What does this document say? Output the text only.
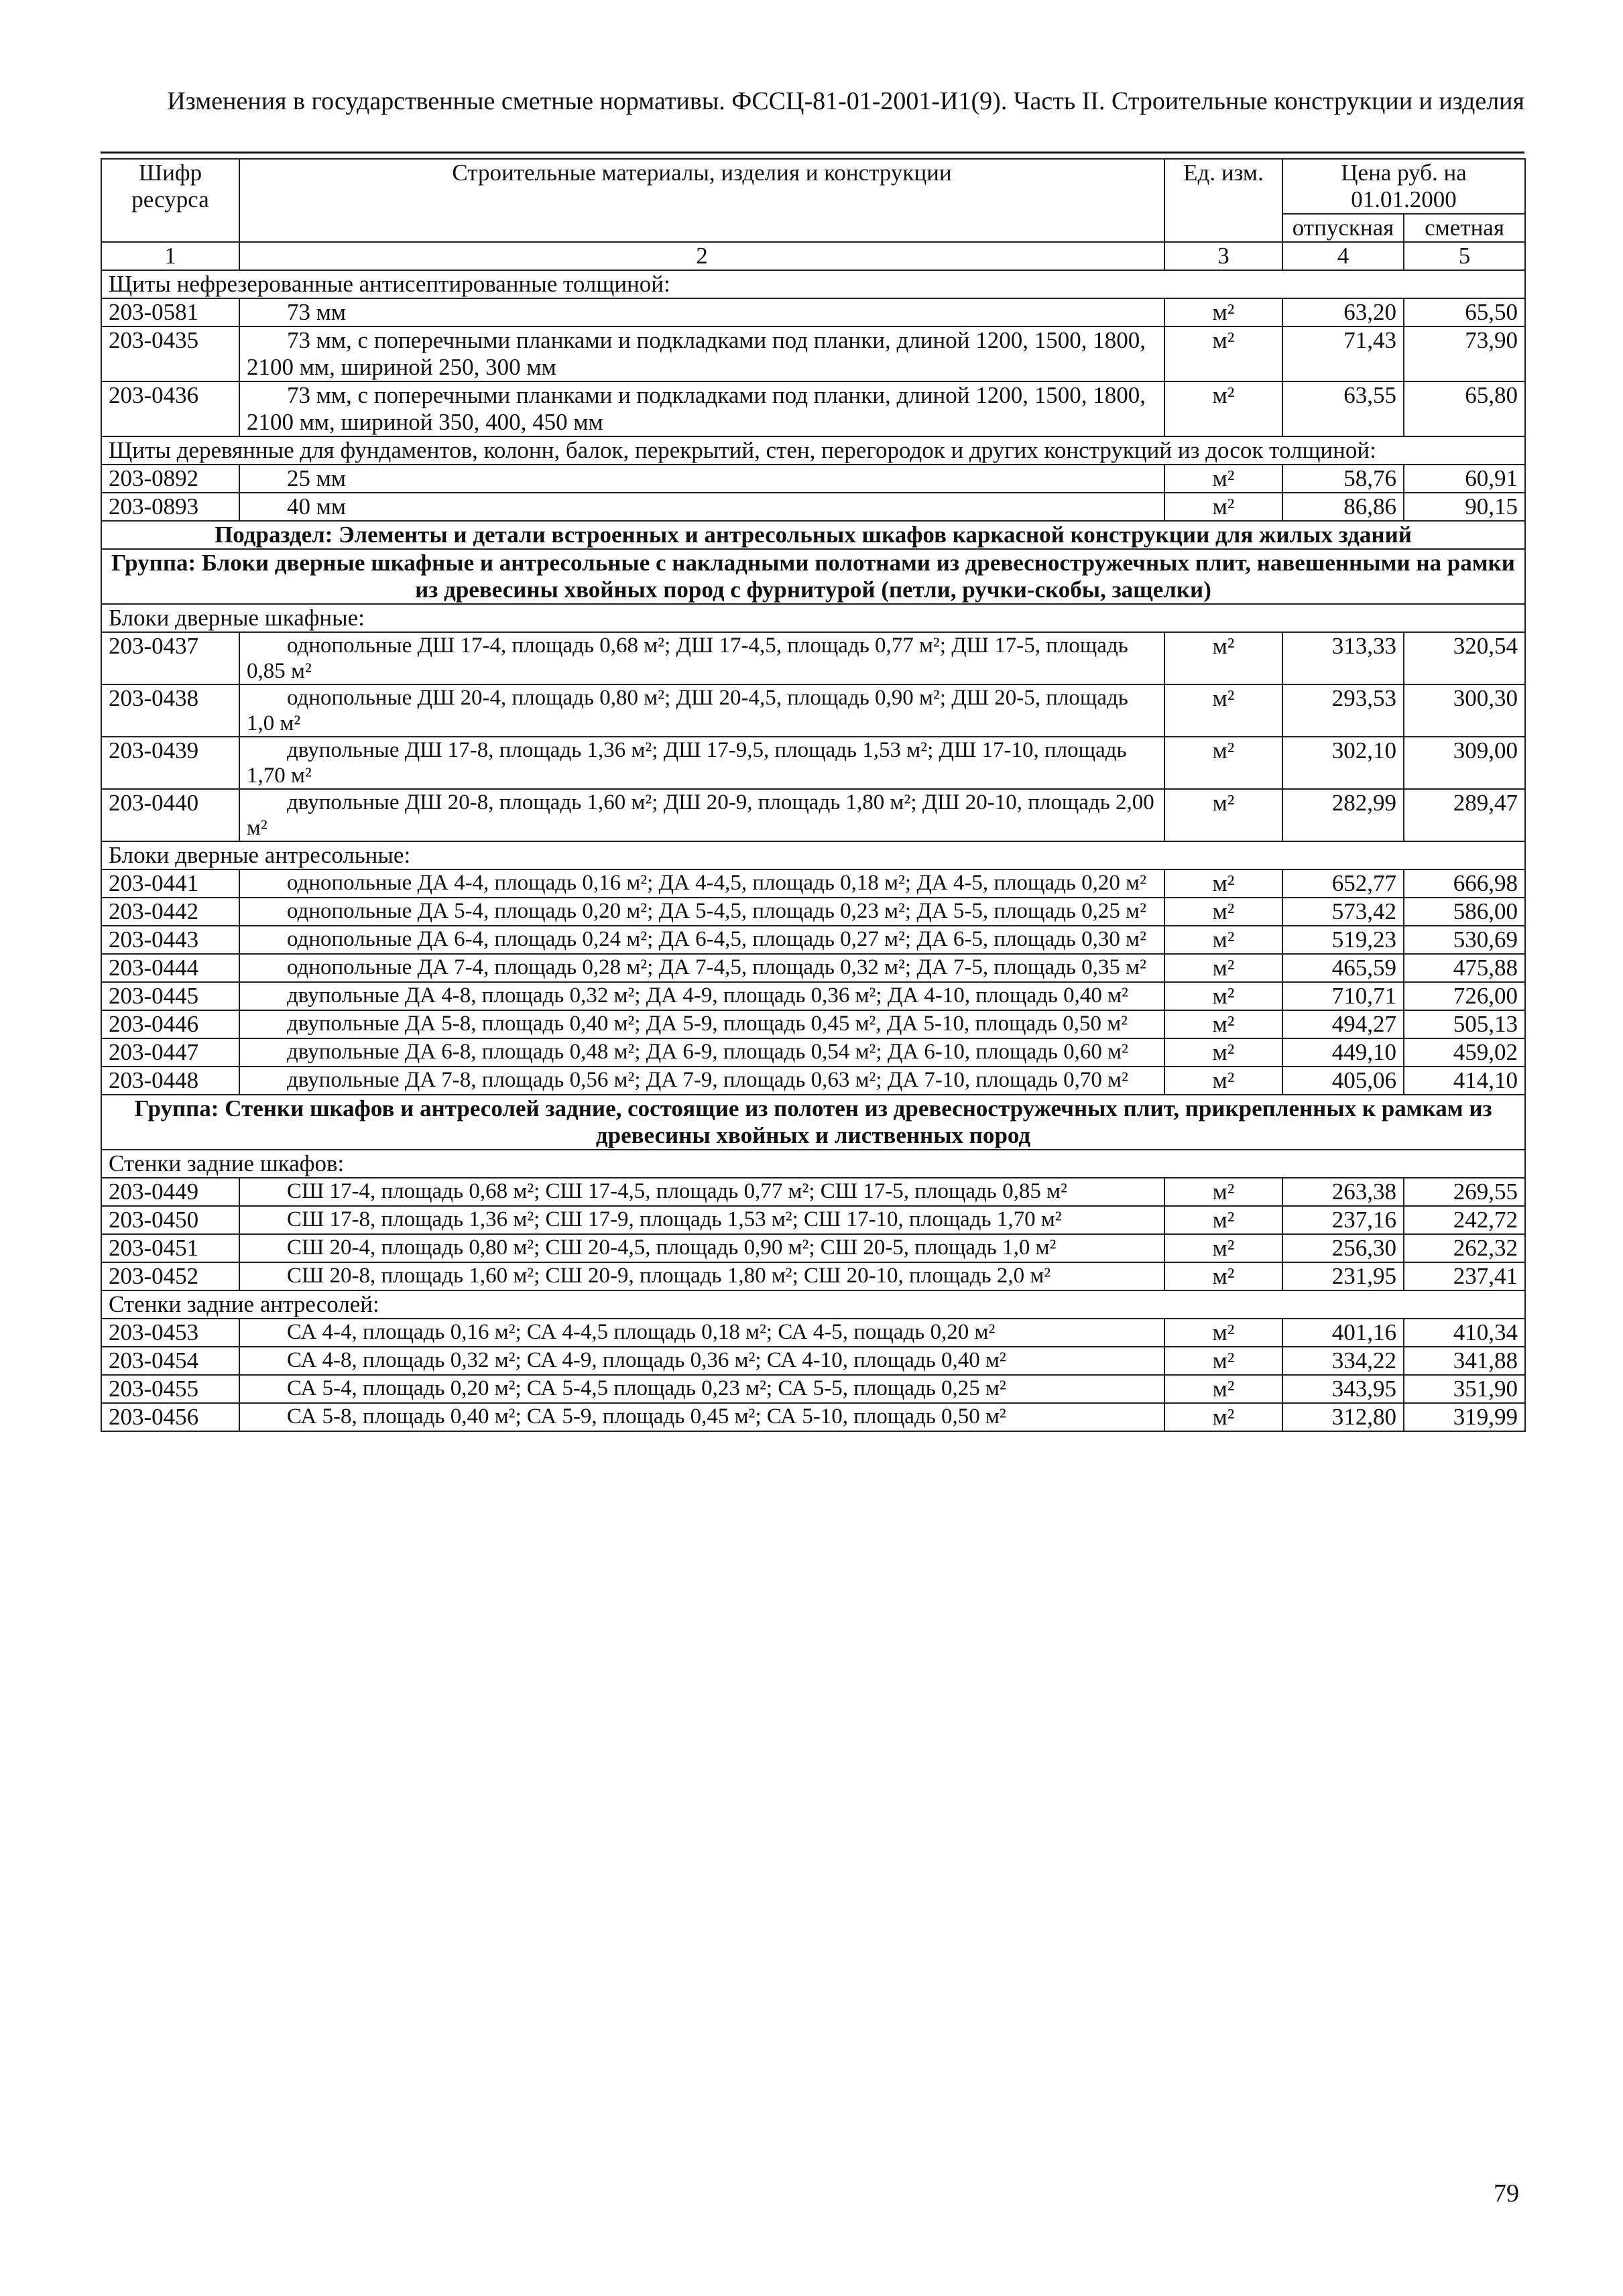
Изменения в государственные сметные нормативы. ФССЦ-81-01-2001-И1(9). Часть II. Строительные конструкции и изделия
Шифр ресурса	Строительные материалы, изделия и конструкции	Ед. изм.	Цена руб. на 01.01.2000	
			отпускная	сметная
1	2	3	4	5
Щиты нефрезерованные антисептированные толщиной:				
203-0581	73 мм	м²	63,20	65,50
203-0435	73 мм, с поперечными планками и подкладками под планки, длиной 1200, 1500, 1800, 2100 мм, шириной 250, 300 мм	м²	71,43	73,90
203-0436	73 мм, с поперечными планками и подкладками под планки, длиной 1200, 1500, 1800, 2100 мм, шириной 350, 400, 450 мм	м²	63,55	65,80
Щиты деревянные для фундаментов, колонн, балок, перекрытий, стен, перегородок и других конструкций из досок толщиной:				
203-0892	25 мм	м²	58,76	60,91
203-0893	40 мм	м²	86,86	90,15
Подраздел: Элементы и детали встроенных и антресольных шкафов каркасной конструкции для жилых зданий				
Группа: Блоки дверные шкафные и антресольные с накладными полотнами из древесностружечных плит, навешенными на рамки из древесины хвойных пород с фурнитурой (петли, ручки-скобы, защелки)				
Блоки дверные шкафные:				
203-0437	однопольные ДШ 17-4, площадь 0,68 м²; ДШ 17-4,5, площадь 0,77 м²; ДШ 17-5, площадь 0,85 м²	м²	313,33	320,54
203-0438	однопольные ДШ 20-4, площадь 0,80 м²; ДШ 20-4,5, площадь 0,90 м²; ДШ 20-5, площадь 1,0 м²	м²	293,53	300,30
203-0439	двупольные ДШ 17-8, площадь 1,36 м²; ДШ 17-9,5, площадь 1,53 м²; ДШ 17-10, площадь 1,70 м²	м²	302,10	309,00
203-0440	двупольные ДШ 20-8, площадь 1,60 м²; ДШ 20-9, площадь 1,80 м²; ДШ 20-10, площадь 2,00 м²	м²	282,99	289,47
Блоки дверные антресольные:				
203-0441	однопольные ДА 4-4, площадь 0,16 м²; ДА 4-4,5, площадь 0,18 м²; ДА 4-5, площадь 0,20 м²	м²	652,77	666,98
203-0442	однопольные ДА 5-4, площадь 0,20 м²; ДА 5-4,5, площадь 0,23 м²; ДА 5-5, площадь 0,25 м²	м²	573,42	586,00
203-0443	однопольные ДА 6-4, площадь 0,24 м²; ДА 6-4,5, площадь 0,27 м²; ДА 6-5, площадь 0,30 м²	м²	519,23	530,69
203-0444	однопольные ДА 7-4, площадь 0,28 м²; ДА 7-4,5, площадь 0,32 м²; ДА 7-5, площадь 0,35 м²	м²	465,59	475,88
203-0445	двупольные ДА 4-8, площадь 0,32 м²; ДА 4-9, площадь 0,36 м²; ДА 4-10, площадь 0,40 м²	м²	710,71	726,00
203-0446	двупольные ДА 5-8, площадь 0,40 м²; ДА 5-9, площадь 0,45 м², ДА 5-10, площадь 0,50 м²	м²	494,27	505,13
203-0447	двупольные ДА 6-8, площадь 0,48 м²; ДА 6-9, площадь 0,54 м²; ДА 6-10, площадь 0,60 м²	м²	449,10	459,02
203-0448	двупольные ДА 7-8, площадь 0,56 м²; ДА 7-9, площадь 0,63 м²; ДА 7-10, площадь 0,70 м²	м²	405,06	414,10
Группа: Стенки шкафов и антресолей задние, состоящие из полотен из древесностружечных плит, прикрепленных к рамкам из древесины хвойных и лиственных пород				
Стенки задние шкафов:				
203-0449	СШ 17-4, площадь 0,68 м²; СШ 17-4,5, площадь 0,77 м²; СШ 17-5, площадь 0,85 м²	м²	263,38	269,55
203-0450	СШ 17-8, площадь 1,36 м²; СШ 17-9, площадь 1,53 м²; СШ 17-10, площадь 1,70 м²	м²	237,16	242,72
203-0451	СШ 20-4, площадь 0,80 м²; СШ 20-4,5, площадь 0,90 м²; СШ 20-5, площадь 1,0 м²	м²	256,30	262,32
203-0452	СШ 20-8, площадь 1,60 м²; СШ 20-9, площадь 1,80 м²; СШ 20-10, площадь 2,0 м²	м²	231,95	237,41
Стенки задние антресолей:				
203-0453	СА 4-4, площадь 0,16 м²; СА 4-4,5 площадь 0,18 м²; СА 4-5, пощадь 0,20 м²	м²	401,16	410,34
203-0454	СА 4-8, площадь 0,32 м²; СА 4-9, площадь 0,36 м²; СА 4-10, площадь 0,40 м²	м²	334,22	341,88
203-0455	СА 5-4, площадь 0,20 м²; СА 5-4,5 площадь 0,23 м²; СА 5-5, площадь 0,25 м²	м²	343,95	351,90
203-0456	СА 5-8, площадь 0,40 м²; СА 5-9, площадь 0,45 м²; СА 5-10, площадь 0,50 м²	м²	312,80	319,99
79
